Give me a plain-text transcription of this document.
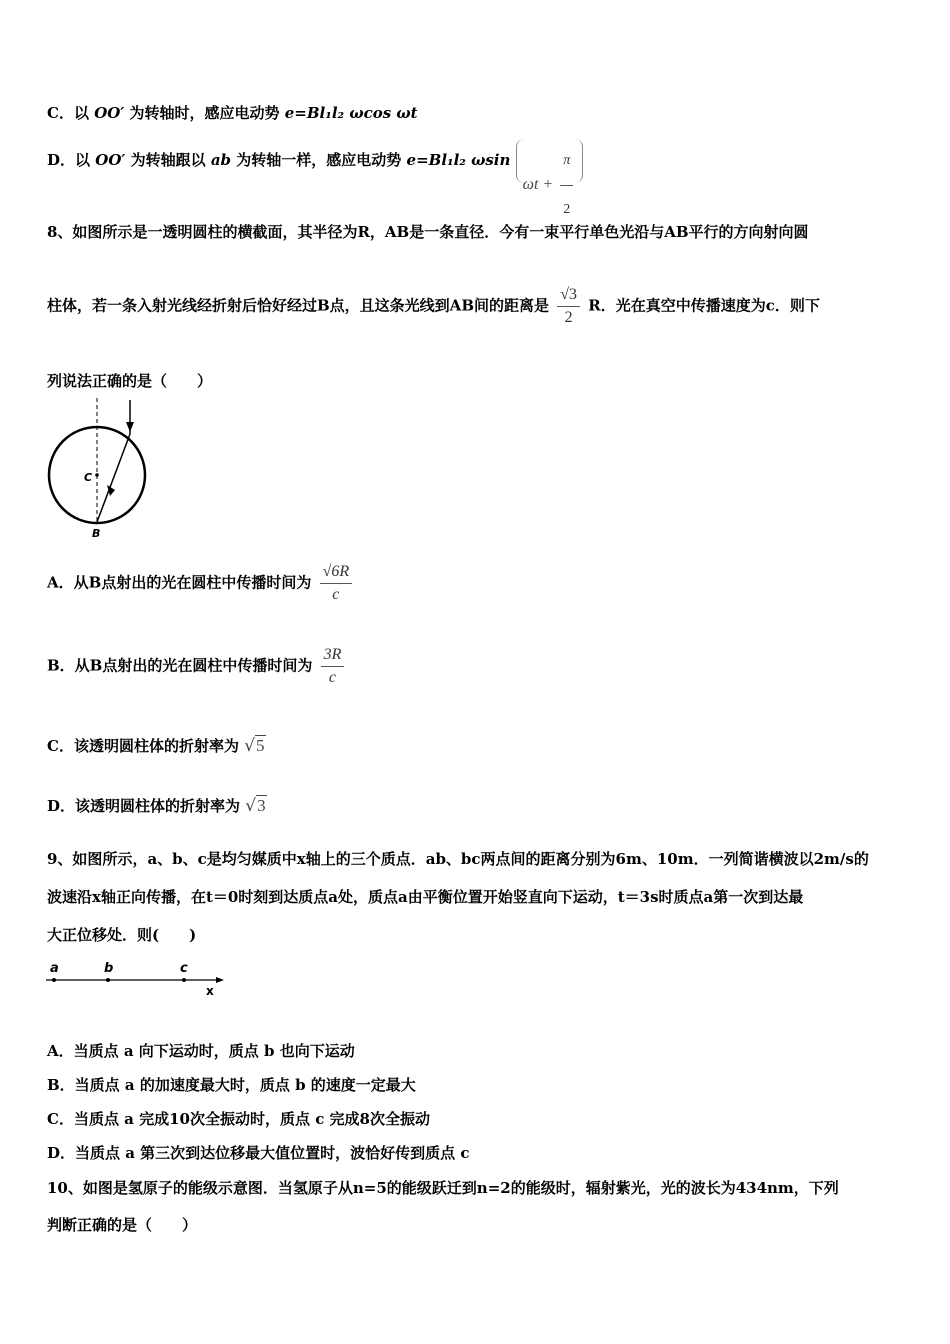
C．以 OO′ 为转轴时，感应电动势 e=Bl₁l₂ ωcos ωt
D．以 OO′ 为转轴跟以 ab 为转轴一样，感应电动势 e=Bl₁l₂ ωsin $\omega t + \frac{\pi}{2}$
8、如图所示是一透明圆柱的横截面，其半径为R，AB是一条直径．今有一束平行单色光沿与AB平行的方向射向圆
柱体，若一条入射光线经折射后恰好经过B点，且这条光线到AB间的距离是 $\frac{√3}{2}$ R．光在真空中传播速度为c．则下
列说法正确的是（　　）
C
B
A．从B点射出的光在圆柱中传播时间为 $\frac{√6R}{c}$
B．从B点射出的光在圆柱中传播时间为 $\frac{3R}{c}$
C．该透明圆柱体的折射率为 √5
D．该透明圆柱体的折射率为 √3
9、如图所示，a、b、c是均匀媒质中x轴上的三个质点．ab、bc两点间的距离分别为6m、10m．一列简谐横波以2m/s的
波速沿x轴正向传播，在t＝0时刻到达质点a处，质点a由平衡位置开始竖直向下运动，t＝3s时质点a第一次到达最
大正位移处．则(　　)
a	b	c
x
A．当质点 a 向下运动时，质点 b 也向下运动
B．当质点 a 的加速度最大时，质点 b 的速度一定最大
C．当质点 a 完成10次全振动时，质点 c 完成8次全振动
D．当质点 a 第三次到达位移最大值位置时，波恰好传到质点 c
10、如图是氢原子的能级示意图．当氢原子从n=5的能级跃迁到n=2的能级时，辐射紫光，光的波长为434nm，下列
判断正确的是（　　）
